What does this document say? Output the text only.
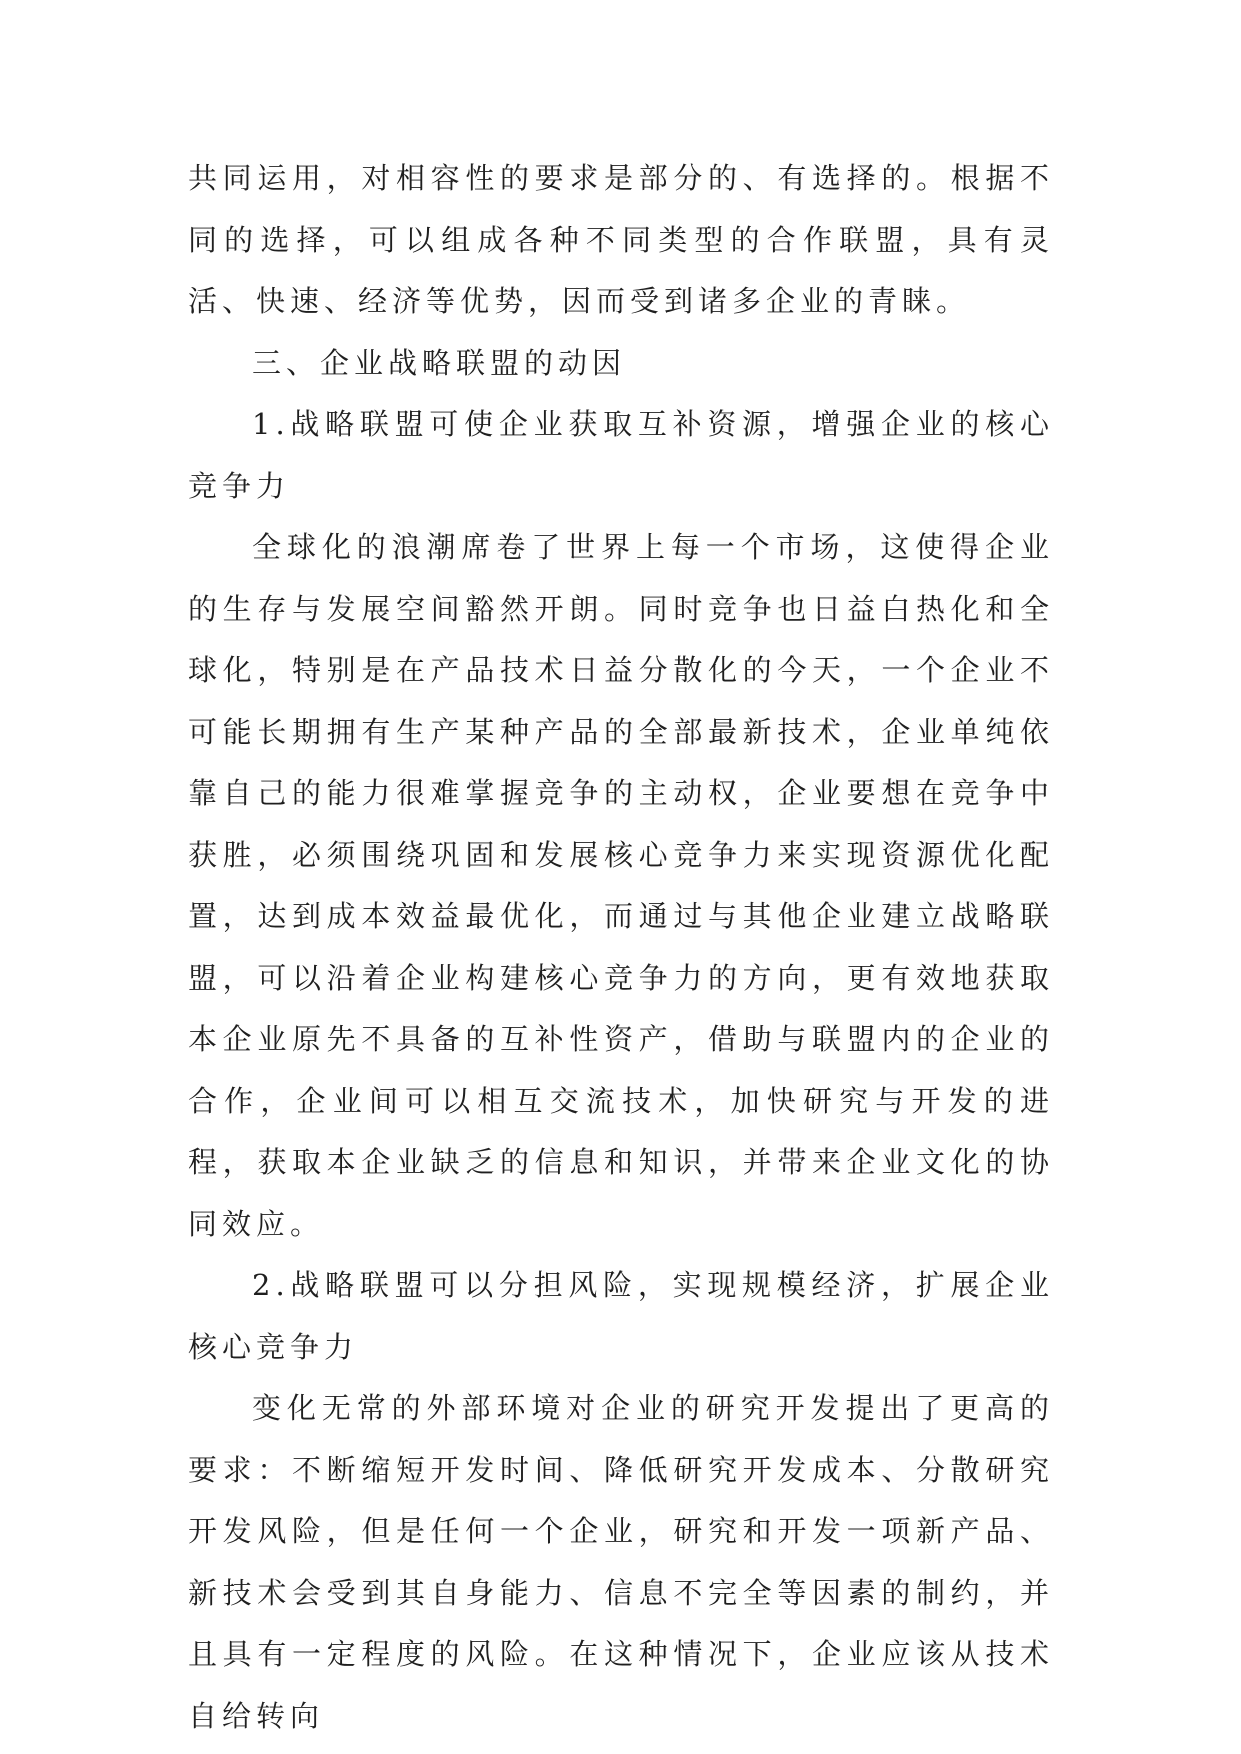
共同运用，对相容性的要求是部分的、有选择的。根据不同的选择，可以组成各种不同类型的合作联盟，具有灵活、快速、经济等优势，因而受到诸多企业的青睐。

三、企业战略联盟的动因

1.战略联盟可使企业获取互补资源，增强企业的核心竞争力

全球化的浪潮席卷了世界上每一个市场，这使得企业的生存与发展空间豁然开朗。同时竞争也日益白热化和全球化，特别是在产品技术日益分散化的今天，一个企业不可能长期拥有生产某种产品的全部最新技术，企业单纯依靠自己的能力很难掌握竞争的主动权，企业要想在竞争中获胜，必须围绕巩固和发展核心竞争力来实现资源优化配置，达到成本效益最优化，而通过与其他企业建立战略联盟，可以沿着企业构建核心竞争力的方向，更有效地获取本企业原先不具备的互补性资产，借助与联盟内的企业的合作，企业间可以相互交流技术，加快研究与开发的进程，获取本企业缺乏的信息和知识，并带来企业文化的协同效应。

2.战略联盟可以分担风险，实现规模经济，扩展企业核心竞争力

变化无常的外部环境对企业的研究开发提出了更高的要求：不断缩短开发时间、降低研究开发成本、分散研究开发风险，但是任何一个企业，研究和开发一项新产品、新技术会受到其自身能力、信息不完全等因素的制约，并且具有一定程度的风险。在这种情况下，企业应该从技术自给转向
